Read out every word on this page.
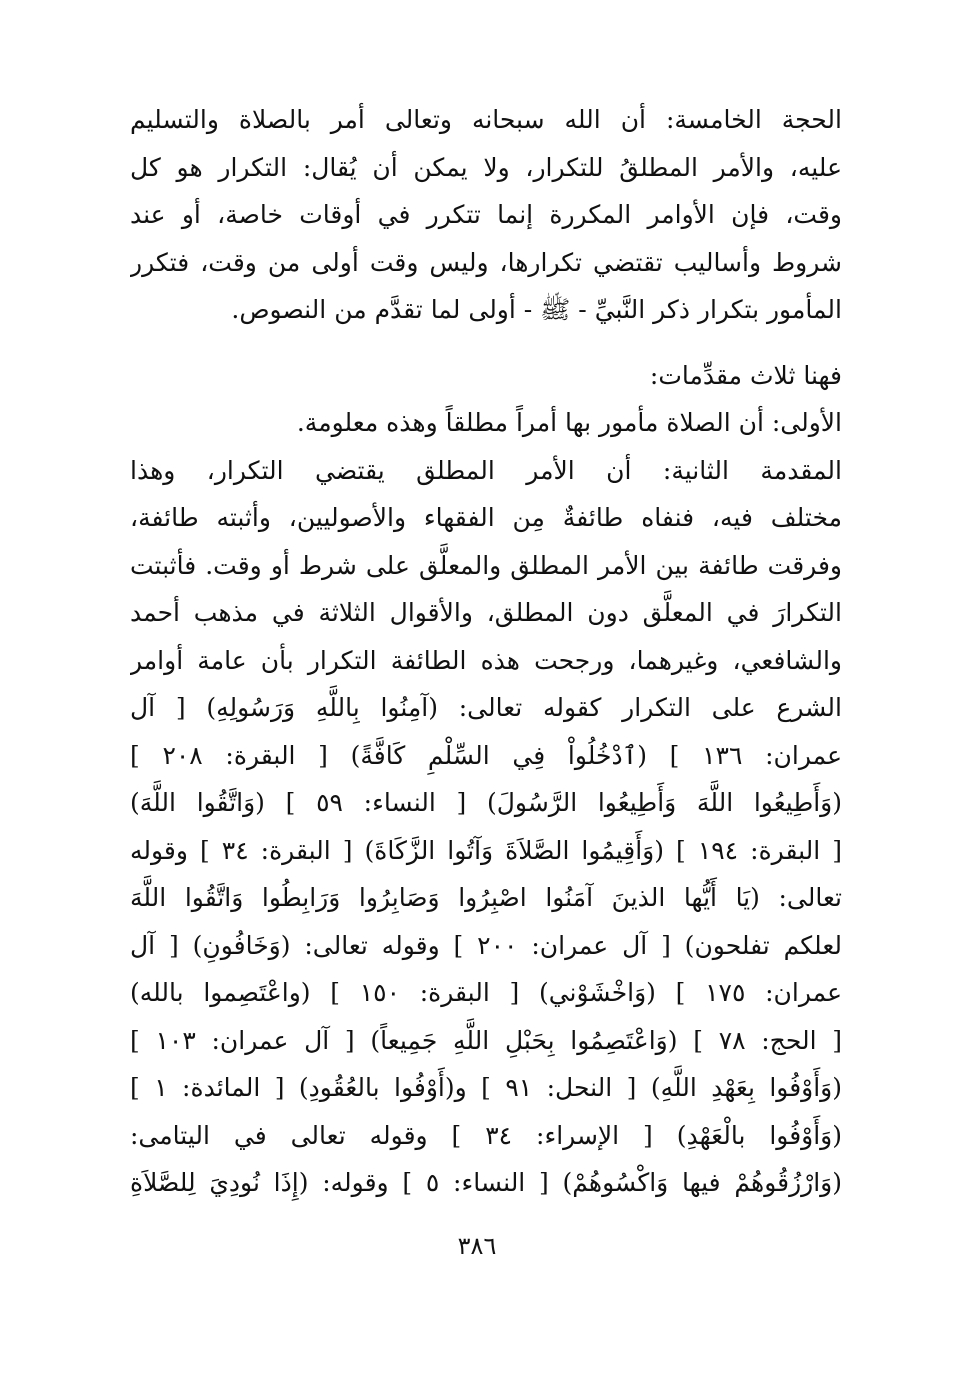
الحجة الخامسة: أن الله سبحانه وتعالى أمر بالصلاة والتسليم
عليه، والأمر المطلقُ للتكرار، ولا يمكن أن يُقال: التكرار هو كل
وقت، فإن الأوامر المكررة إنما تتكرر في أوقات خاصة، أو عند
شروط وأساليب تقتضي تكرارها، وليس وقت أولى من وقت، فتكرر
المأمور بتكرار ذكر النَّبيِّ - ﷺ - أولى لما تقدَّم من النصوص.
فهنا ثلاث مقدِّمات:
الأولى: أن الصلاة مأمور بها أمراً مطلقاً وهذه معلومة.
المقدمة الثانية: أن الأمر المطلق يقتضي التكرار، وهذا
مختلف فيه، فنفاه طائفةٌ مِن الفقهاء والأصوليين، وأثبته طائفة،
وفرقت طائفة بين الأمر المطلق والمعلَّق على شرط أو وقت. فأثبتت
التكرارَ في المعلَّق دون المطلق، والأقوال الثلاثة في مذهب أحمد
والشافعي، وغيرهما، ورجحت هذه الطائفة التكرار بأن عامة أوامر
الشرع على التكرار كقوله تعالى: (آمِنُوا بِاللَّهِ وَرَسُولِهِ) [ آل
عمران: ١٣٦ ] (ٱدْخُلُواْ فِي السِّلْمِ كَافَّةً) [ البقرة: ٢٠٨ ]
(وَأَطِيعُوا اللَّهَ وَأَطِيعُوا الرَّسُولَ) [ النساء: ٥٩ ] (وَاتَّقُوا اللَّهَ)
[ البقرة: ١٩٤ ] (وَأَقِيمُوا الصَّلاَةَ وَآتُوا الزَّكَاةَ) [ البقرة: ٣٤ ] وقوله
تعالى: (يَا أَيُّها الذينَ آمَنُوا اصْبِرُوا وَصَابِرُوا وَرَابِطُوا وَاتَّقُوا اللَّهَ
لعلكم تفلحون) [ آل عمران: ٢٠٠ ] وقوله تعالى: (وَخَافُونِ) [ آل
عمران: ١٧٥ ] (وَاخْشَوْني) [ البقرة: ١٥٠ ] (واعْتَصِموا بالله)
[ الحج: ٧٨ ] (وَاعْتَصِمُوا بِحَبْلِ اللَّهِ جَمِيعاً) [ آل عمران: ١٠٣ ]
(وَأَوْفُوا بِعَهْدِ اللَّهِ) [ النحل: ٩١ ] و(أَوْفُوا بالعُقُودِ) [ المائدة: ١ ]
(وَأَوْفُوا بالْعَهْدِ) [ الإسراء: ٣٤ ] وقوله تعالى في اليتامى:
(وَارْزُقُوهُمْ فيها وَاكْسُوهُمْ) [ النساء: ٥ ] وقوله: (إِذَا نُودِيَ لِلصَّلاَةِ
٣٨٦
